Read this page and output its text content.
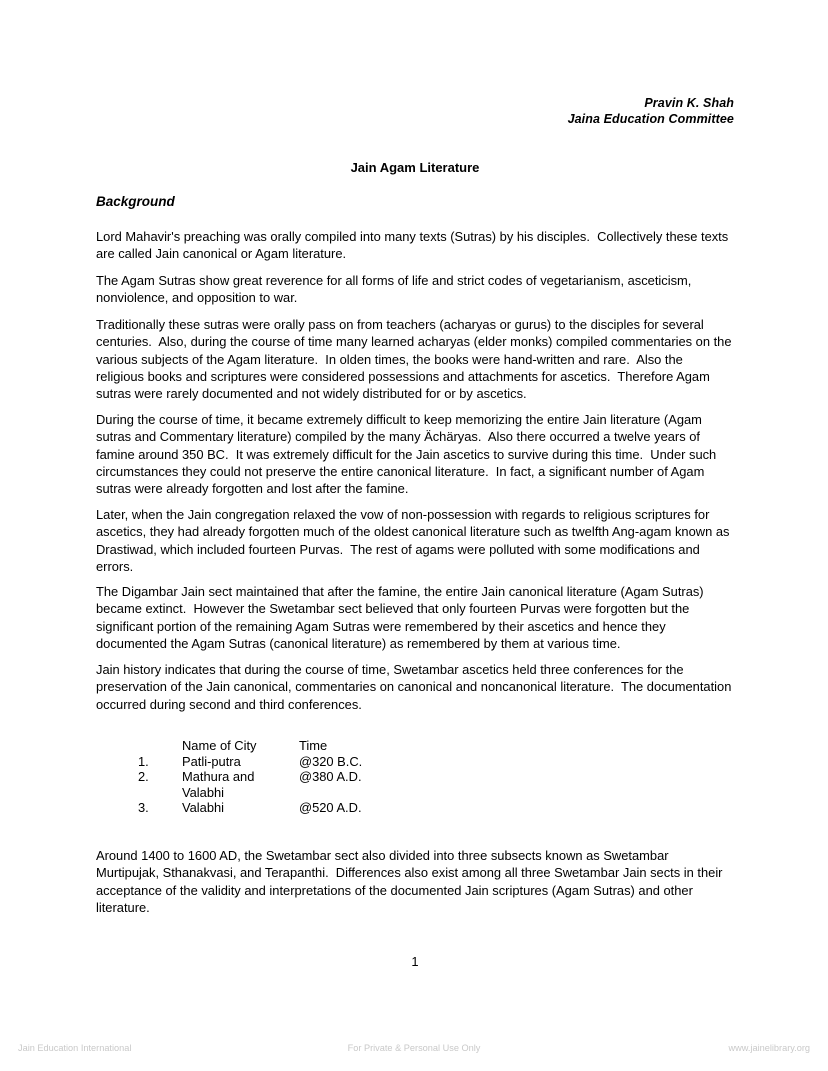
Pravin K. Shah
Jaina Education Committee
Jain Agam Literature
Background
Lord Mahavir's preaching was orally compiled into many texts (Sutras) by his disciples.  Collectively these texts are called Jain canonical or Agam literature.
The Agam Sutras show great reverence for all forms of life and strict codes of vegetarianism, asceticism, nonviolence, and opposition to war.
Traditionally these sutras were orally pass on from teachers (acharyas or gurus) to the disciples for several centuries.  Also, during the course of time many learned acharyas (elder monks) compiled commentaries on the various subjects of the Agam literature.  In olden times, the books were hand-written and rare.  Also the religious books and scriptures were considered possessions and attachments for ascetics.  Therefore Agam sutras were rarely documented and not widely distributed for or by ascetics.
During the course of time, it became extremely difficult to keep memorizing the entire Jain literature (Agam sutras and Commentary literature) compiled by the many Ächäryas.  Also there occurred a twelve years of famine around 350 BC.  It was extremely difficult for the Jain ascetics to survive during this time.  Under such circumstances they could not preserve the entire canonical literature.  In fact, a significant number of Agam sutras were already forgotten and lost after the famine.
Later, when the Jain congregation relaxed the vow of non-possession with regards to religious scriptures for ascetics, they had already forgotten much of the oldest canonical literature such as twelfth Ang-agam known as Drastiwad, which included fourteen Purvas.  The rest of agams were polluted with some modifications and errors.
The Digambar Jain sect maintained that after the famine, the entire Jain canonical literature (Agam Sutras) became extinct.  However the Swetambar sect believed that only fourteen Purvas were forgotten but the significant portion of the remaining Agam Sutras were remembered by their ascetics and hence they documented the Agam Sutras (canonical literature) as remembered by them at various time.
Jain history indicates that during the course of time, Swetambar ascetics held three conferences for the preservation of the Jain canonical, commentaries on canonical and noncanonical literature.  The documentation occurred during second and third conferences.
Name of City	Time
1.	Patli-putra	@320 B.C.
2.	Mathura and	@380 A.D.
Valabhi
3.	Valabhi	@520 A.D.
Around 1400 to 1600 AD, the Swetambar sect also divided into three subsects known as Swetambar Murtipujak, Sthanakvasi, and Terapanthi.  Differences also exist among all three Swetambar Jain sects in their acceptance of the validity and interpretations of the documented Jain scriptures (Agam Sutras) and other literature.
1
Jain Education International	For Private & Personal Use Only	www.jainelibrary.org
